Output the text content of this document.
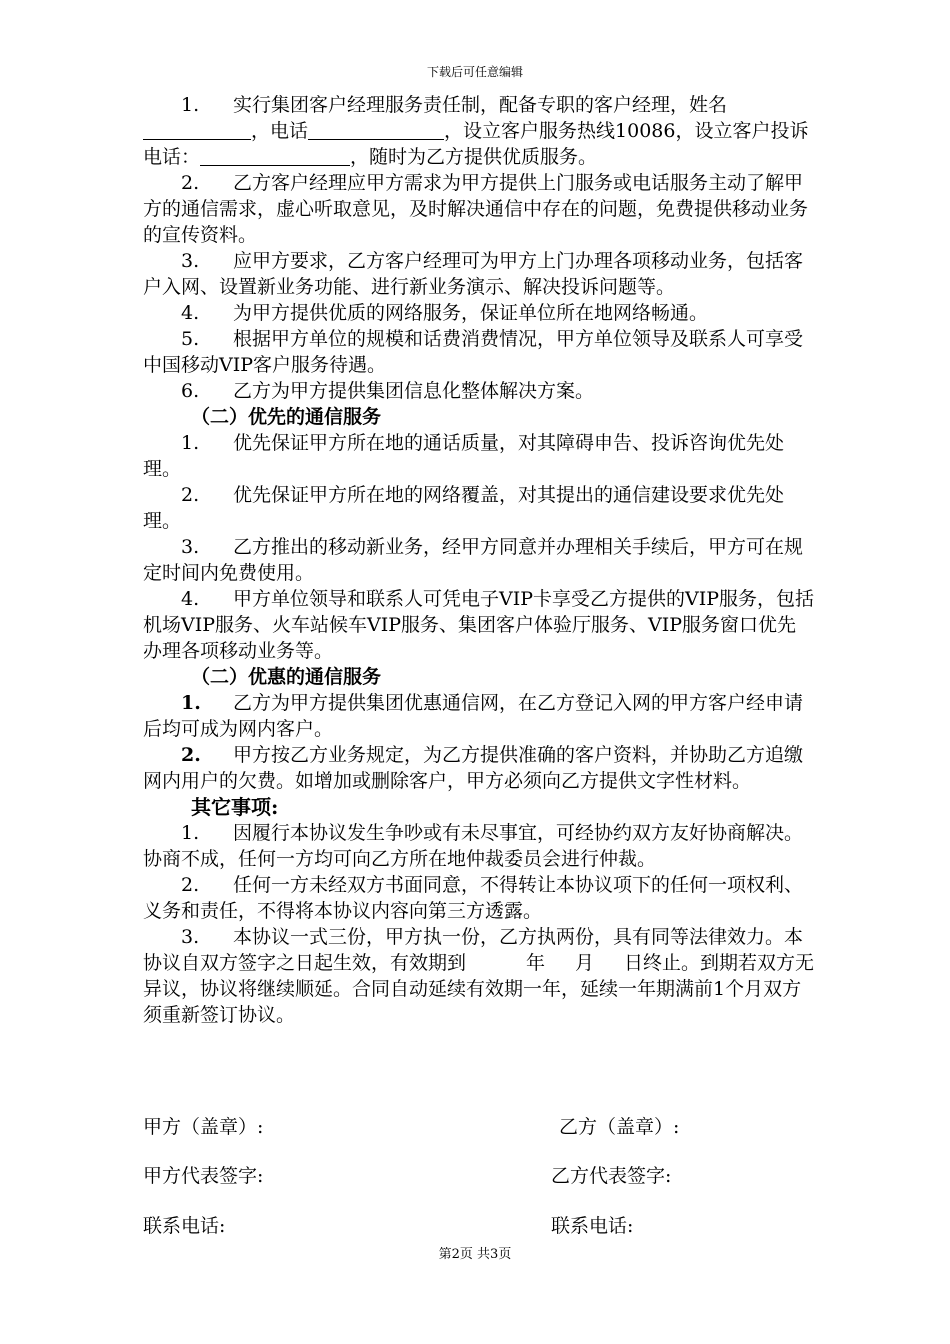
下载后可任意编辑

1. 实行集团客户经理服务责任制，配备专职的客户经理，姓名，电话	，设立客户服务热线10086，设立客户投诉电话：	，随时为乙方提供优质服务。

2. 乙方客户经理应甲方需求为甲方提供上门服务或电话服务主动了解甲方的通信需求，虚心听取意见，及时解决通信中存在的问题，免费提供移动业务的宣传资料。

3. 应甲方要求，乙方客户经理可为甲方上门办理各项移动业务，包括客户入网、设置新业务功能、进行新业务演示、解决投诉问题等。

4. 为甲方提供优质的网络服务，保证单位所在地网络畅通。

5. 根据甲方单位的规模和话费消费情况，甲方单位领导及联系人可享受中国移动VIP客户服务待遇。

6. 乙方为甲方提供集团信息化整体解决方案。

（二）优先的通信服务

1. 优先保证甲方所在地的通话质量，对其障碍申告、投诉咨询优先处理。

2. 优先保证甲方所在地的网络覆盖，对其提出的通信建设要求优先处理。

3. 乙方推出的移动新业务，经甲方同意并办理相关手续后，甲方可在规定时间内免费使用。

4. 甲方单位领导和联系人可凭电子VIP卡享受乙方提供的VIP服务，包括机场VIP服务、火车站候车VIP服务、集团客户体验厅服务、VIP服务窗口优先办理各项移动业务等。

（二）优惠的通信服务

1. 乙方为甲方提供集团优惠通信网，在乙方登记入网的甲方客户经申请后均可成为网内客户。

2. 甲方按乙方业务规定，为乙方提供准确的客户资料，并协助乙方追缴网内用户的欠费。如增加或删除客户，甲方必须向乙方提供文字性材料。

其它事项:

1. 因履行本协议发生争吵或有未尽事宜，可经协约双方友好协商解决。协商不成，任何一方均可向乙方所在地仲裁委员会进行仲裁。

2. 任何一方未经双方书面同意，不得转让本协议项下的任何一项权利、义务和责任，不得将本协议内容向第三方透露。

3. 本协议一式三份，甲方执一份，乙方执两份，具有同等法律效力。本协议自双方签字之日起生效，有效期到	年 月 日终止。到期若双方无异议，协议将继续顺延。合同自动延续有效期一年，延续一年期满前1个月双方须重新签订协议。

甲方（盖章）:	乙方（盖章）:
甲方代表签字:	乙方代表签字:
联系电话:	联系电话:
第2页 共3页
